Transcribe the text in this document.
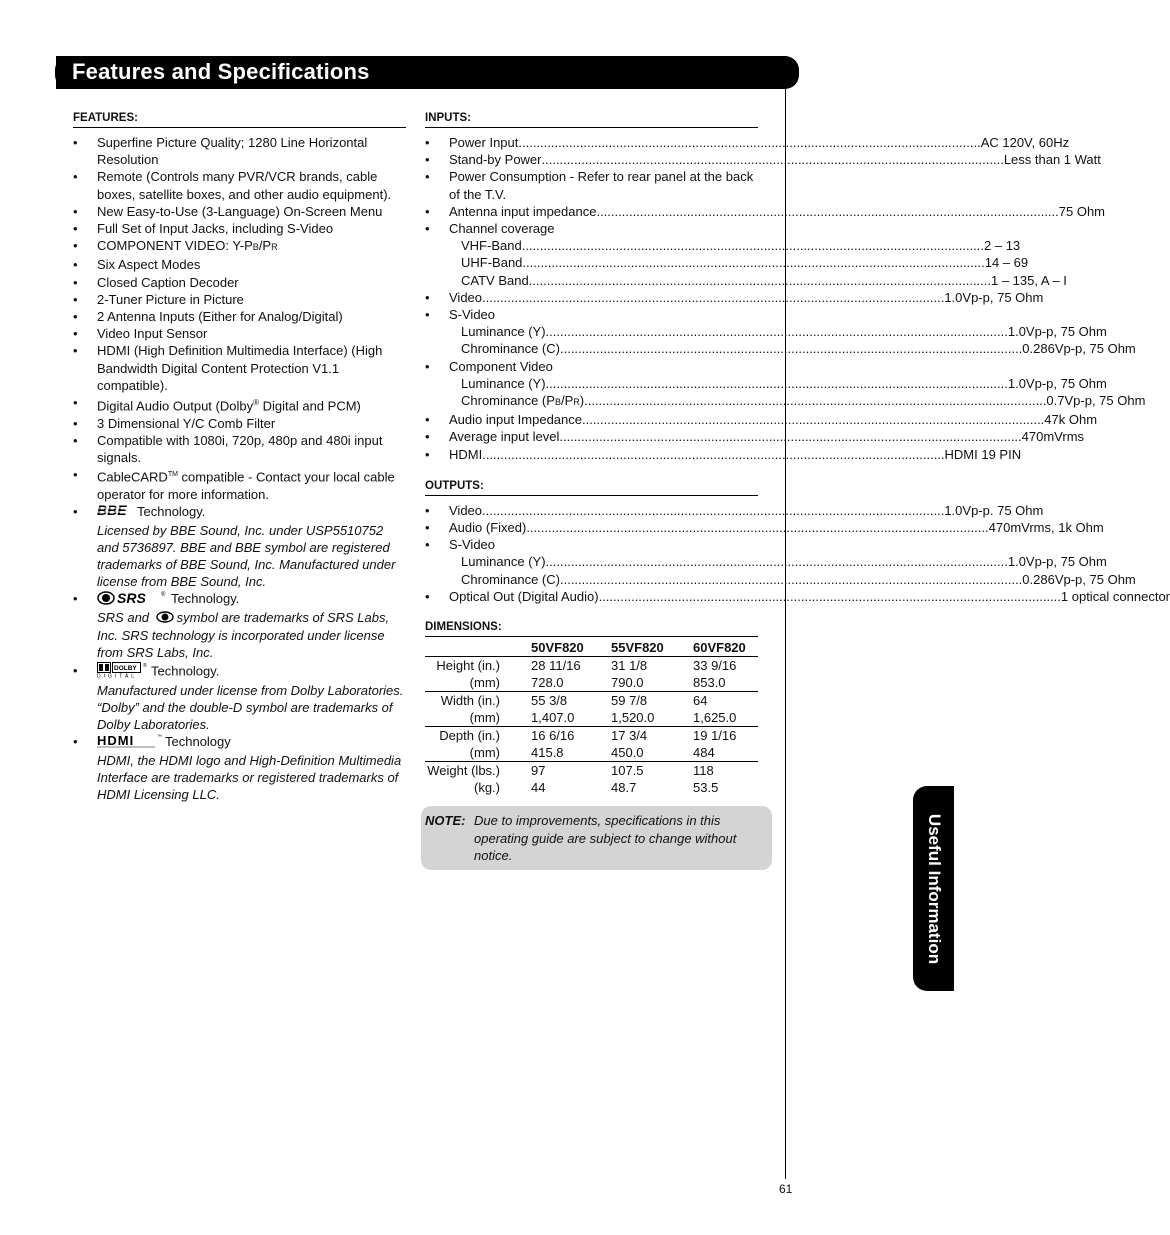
Features and Specifications
Useful Information
61
FEATURES:
• Superfine Picture Quality; 1280 Line Horizontal Resolution
• Remote (Controls many PVR/VCR brands, cable boxes, satellite boxes, and other audio equipment).
• New Easy-to-Use (3-Language) On-Screen Menu
• Full Set of Input Jacks, including S-Video
• COMPONENT VIDEO: Y-PB/PR
• Six Aspect Modes
• Closed Caption Decoder
• 2-Tuner Picture in Picture
• 2 Antenna Inputs (Either for Analog/Digital)
• Video Input Sensor
• HDMI (High Definition Multimedia Interface) (High Bandwidth Digital Content Protection V1.1 compatible).
• Digital Audio Output (Dolby® Digital and PCM)
• 3 Dimensional Y/C Comb Filter
• Compatible with 1080i, 720p, 480p and 480i input signals.
• CableCARD™ compatible - Contact your local cable operator for more information.
• BBE Technology.
Licensed by BBE Sound, Inc. under USP5510752 and 5736897. BBE and BBE symbol are registered trademarks of BBE Sound, Inc. Manufactured under license from BBE Sound, Inc.
• SRS	® Technology.
SRS and symbol are trademarks of SRS Labs, Inc. SRS technology is incorporated under license from SRS Labs, Inc.
• DOLBY
DIGITAL
® Technology.
Manufactured under license from Dolby Laboratories. “Dolby” and the double-D symbol are trademarks of Dolby Laboratories.
• HDMI	™ Technology
HDMI, the HDMI logo and High-Definition Multimedia Interface are trademarks or registered trademarks of HDMI Licensing LLC.
INPUTS:
• Power Input .....	AC 120V, 60Hz
• Stand-by Power .....	Less than 1 Watt
• Power Consumption - Refer to rear panel at the back of the T.V.
• Antenna input impedance .....	75 Ohm
• Channel coverage
VHF-Band .....	2 – 13
UHF-Band .....	14 – 69
CATV Band .....	1 – 135, A – I
• Video .....	1.0Vp-p, 75 Ohm
• S-Video
Luminance (Y) .....	1.0Vp-p, 75 Ohm
Chrominance (C) .....	0.286Vp-p, 75 Ohm
• Component Video
Luminance (Y) .....	1.0Vp-p, 75 Ohm
Chrominance (PB/PR) .....	0.7Vp-p, 75 Ohm
• Audio input Impedance .....	47k Ohm
• Average input level .....	470mVrms
• HDMI .....	HDMI 19 PIN
OUTPUTS:
• Video .....	1.0Vp-p. 75 Ohm
• Audio (Fixed) .....	470mVrms, 1k Ohm
• S-Video
Luminance (Y) .....	1.0Vp-p, 75 Ohm
Chrominance (C) .....	0.286Vp-p, 75 Ohm
• Optical Out (Digital Audio) .....	1 optical connector
DIMENSIONS:
	50VF820	55VF820	60VF820
Height (in.)	28 11/16	31 1/8	33 9/16
(mm)	728.0	790.0	853.0
Width (in.)	55 3/8	59 7/8	64
(mm)	1,407.0	1,520.0	1,625.0
Depth (in.)	16 6/16	17 3/4	19 1/16
(mm)	415.8	450.0	484
Weight (lbs.)	97	107.5	118
(kg.)	44	48.7	53.5
NOTE: Due to improvements, specifications in this operating guide are subject to change without notice.
